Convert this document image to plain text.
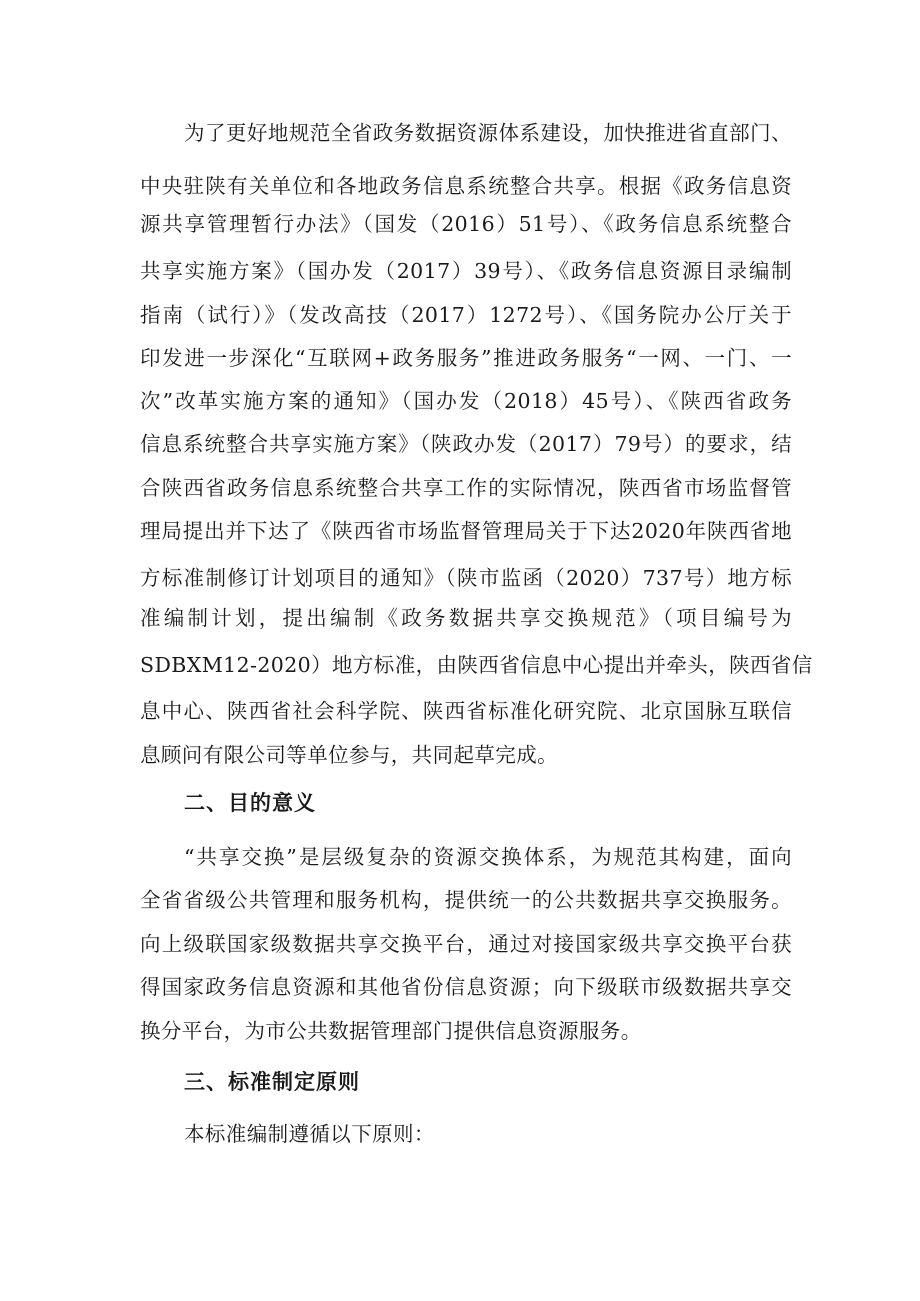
为了更好地规范全省政务数据资源体系建设，加快推进省直部门、
中央驻陕有关单位和各地政务信息系统整合共享。根据《政务信息资
源共享管理暂行办法》（国发（2016）51号）、《政务信息系统整合
共享实施方案》（国办发（2017）39号）、《政务信息资源目录编制
指南（试行）》（发改高技（2017）1272号）、《国务院办公厅关于
印发进一步深化“互联网+政务服务”推进政务服务“一网、一门、一
次”改革实施方案的通知》（国办发（2018）45号）、《陕西省政务
信息系统整合共享实施方案》（陕政办发（2017）79号）的要求，结
合陕西省政务信息系统整合共享工作的实际情况，陕西省市场监督管
理局提出并下达了《陕西省市场监督管理局关于下达2020年陕西省地
方标准制修订计划项目的通知》（陕市监函（2020）737号）地方标
准编制计划，提出编制《政务数据共享交换规范》（项目编号为
SDBXM12-2020）地方标准，由陕西省信息中心提出并牵头，陕西省信
息中心、陕西省社会科学院、陕西省标准化研究院、北京国脉互联信
息顾问有限公司等单位参与，共同起草完成。
二、目的意义
“共享交换”是层级复杂的资源交换体系，为规范其构建，面向
全省省级公共管理和服务机构，提供统一的公共数据共享交换服务。
向上级联国家级数据共享交换平台，通过对接国家级共享交换平台获
得国家政务信息资源和其他省份信息资源；向下级联市级数据共享交
换分平台，为市公共数据管理部门提供信息资源服务。
三、标准制定原则
本标准编制遵循以下原则：
